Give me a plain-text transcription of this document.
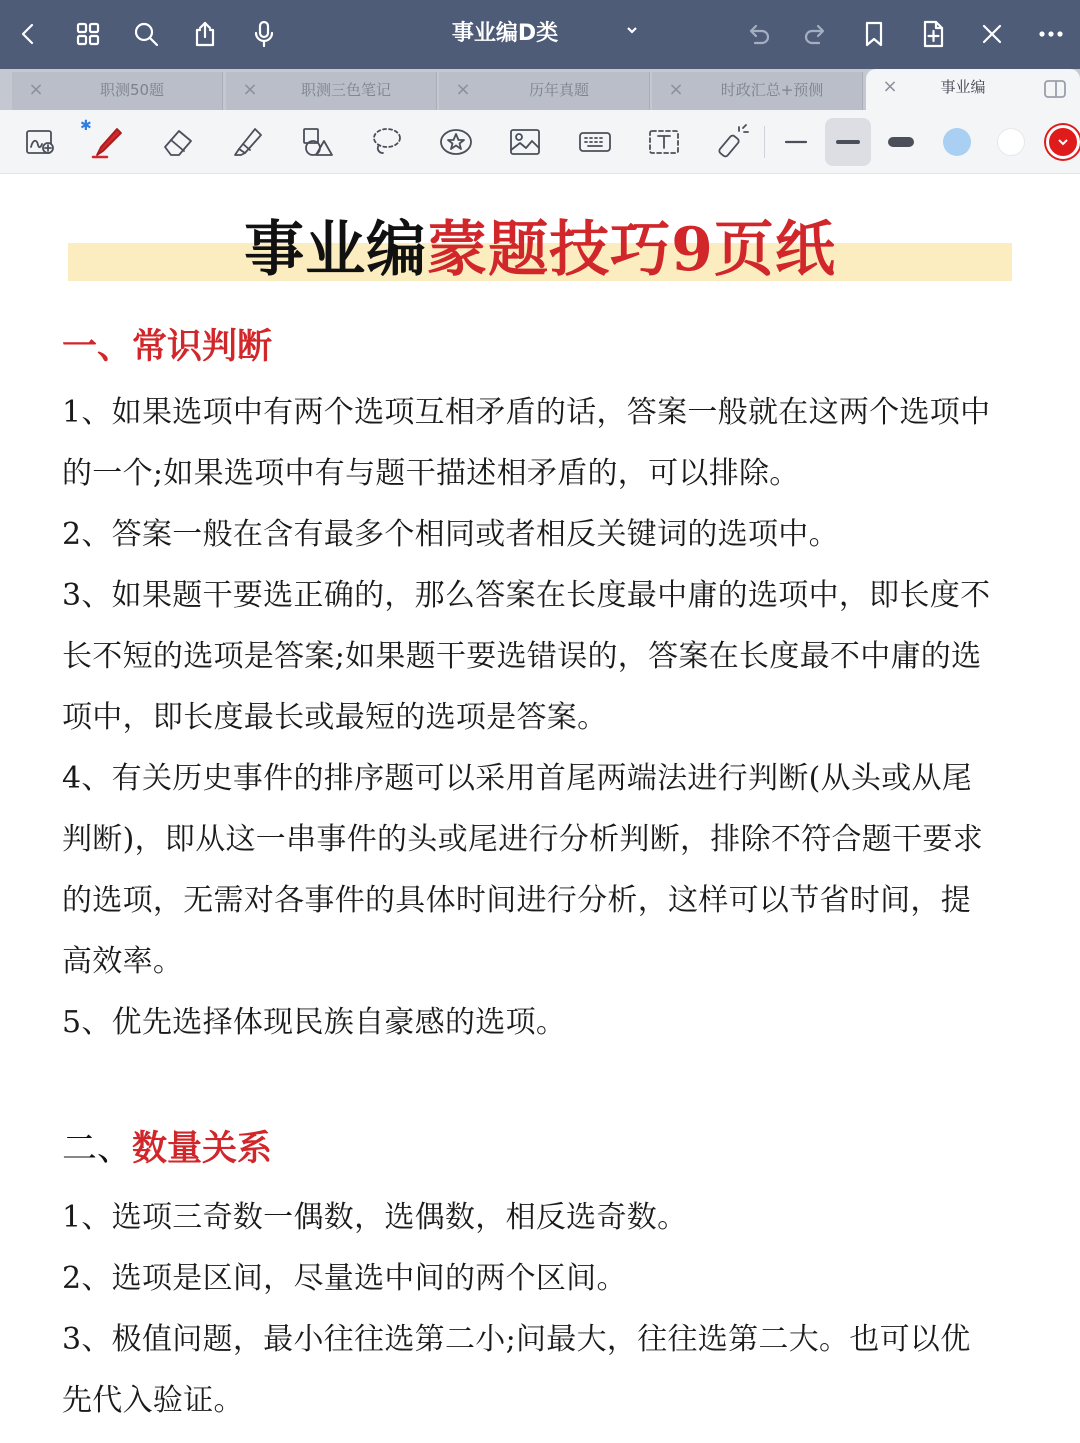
事业编D类
×	职测50题	×	职测三色笔记	×	历年真题	×	时政汇总+预侧	×	事业编
✱
事业编蒙题技巧9页纸
一、常识判断
1、如果选项中有两个选项互相矛盾的话，答案一般就在这两个选项中
的一个;如果选项中有与题干描述相矛盾的，可以排除。
2、答案一般在含有最多个相同或者相反关键词的选项中。
3、如果题干要选正确的，那么答案在长度最中庸的选项中，即长度不
长不短的选项是答案;如果题干要选错误的，答案在长度最不中庸的选
项中，即长度最长或最短的选项是答案。
4、有关历史事件的排序题可以采用首尾两端法进行判断(从头或从尾
判断)，即从这一串事件的头或尾进行分析判断，排除不符合题干要求
的选项，无需对各事件的具体时间进行分析，这样可以节省时间，提
高效率。
5、优先选择体现民族自豪感的选项。
二、数量关系
1、选项三奇数一偶数，选偶数，相反选奇数。
2、选项是区间，尽量选中间的两个区间。
3、极值问题，最小往往选第二小;问最大，往往选第二大。也可以优
先代入验证。
